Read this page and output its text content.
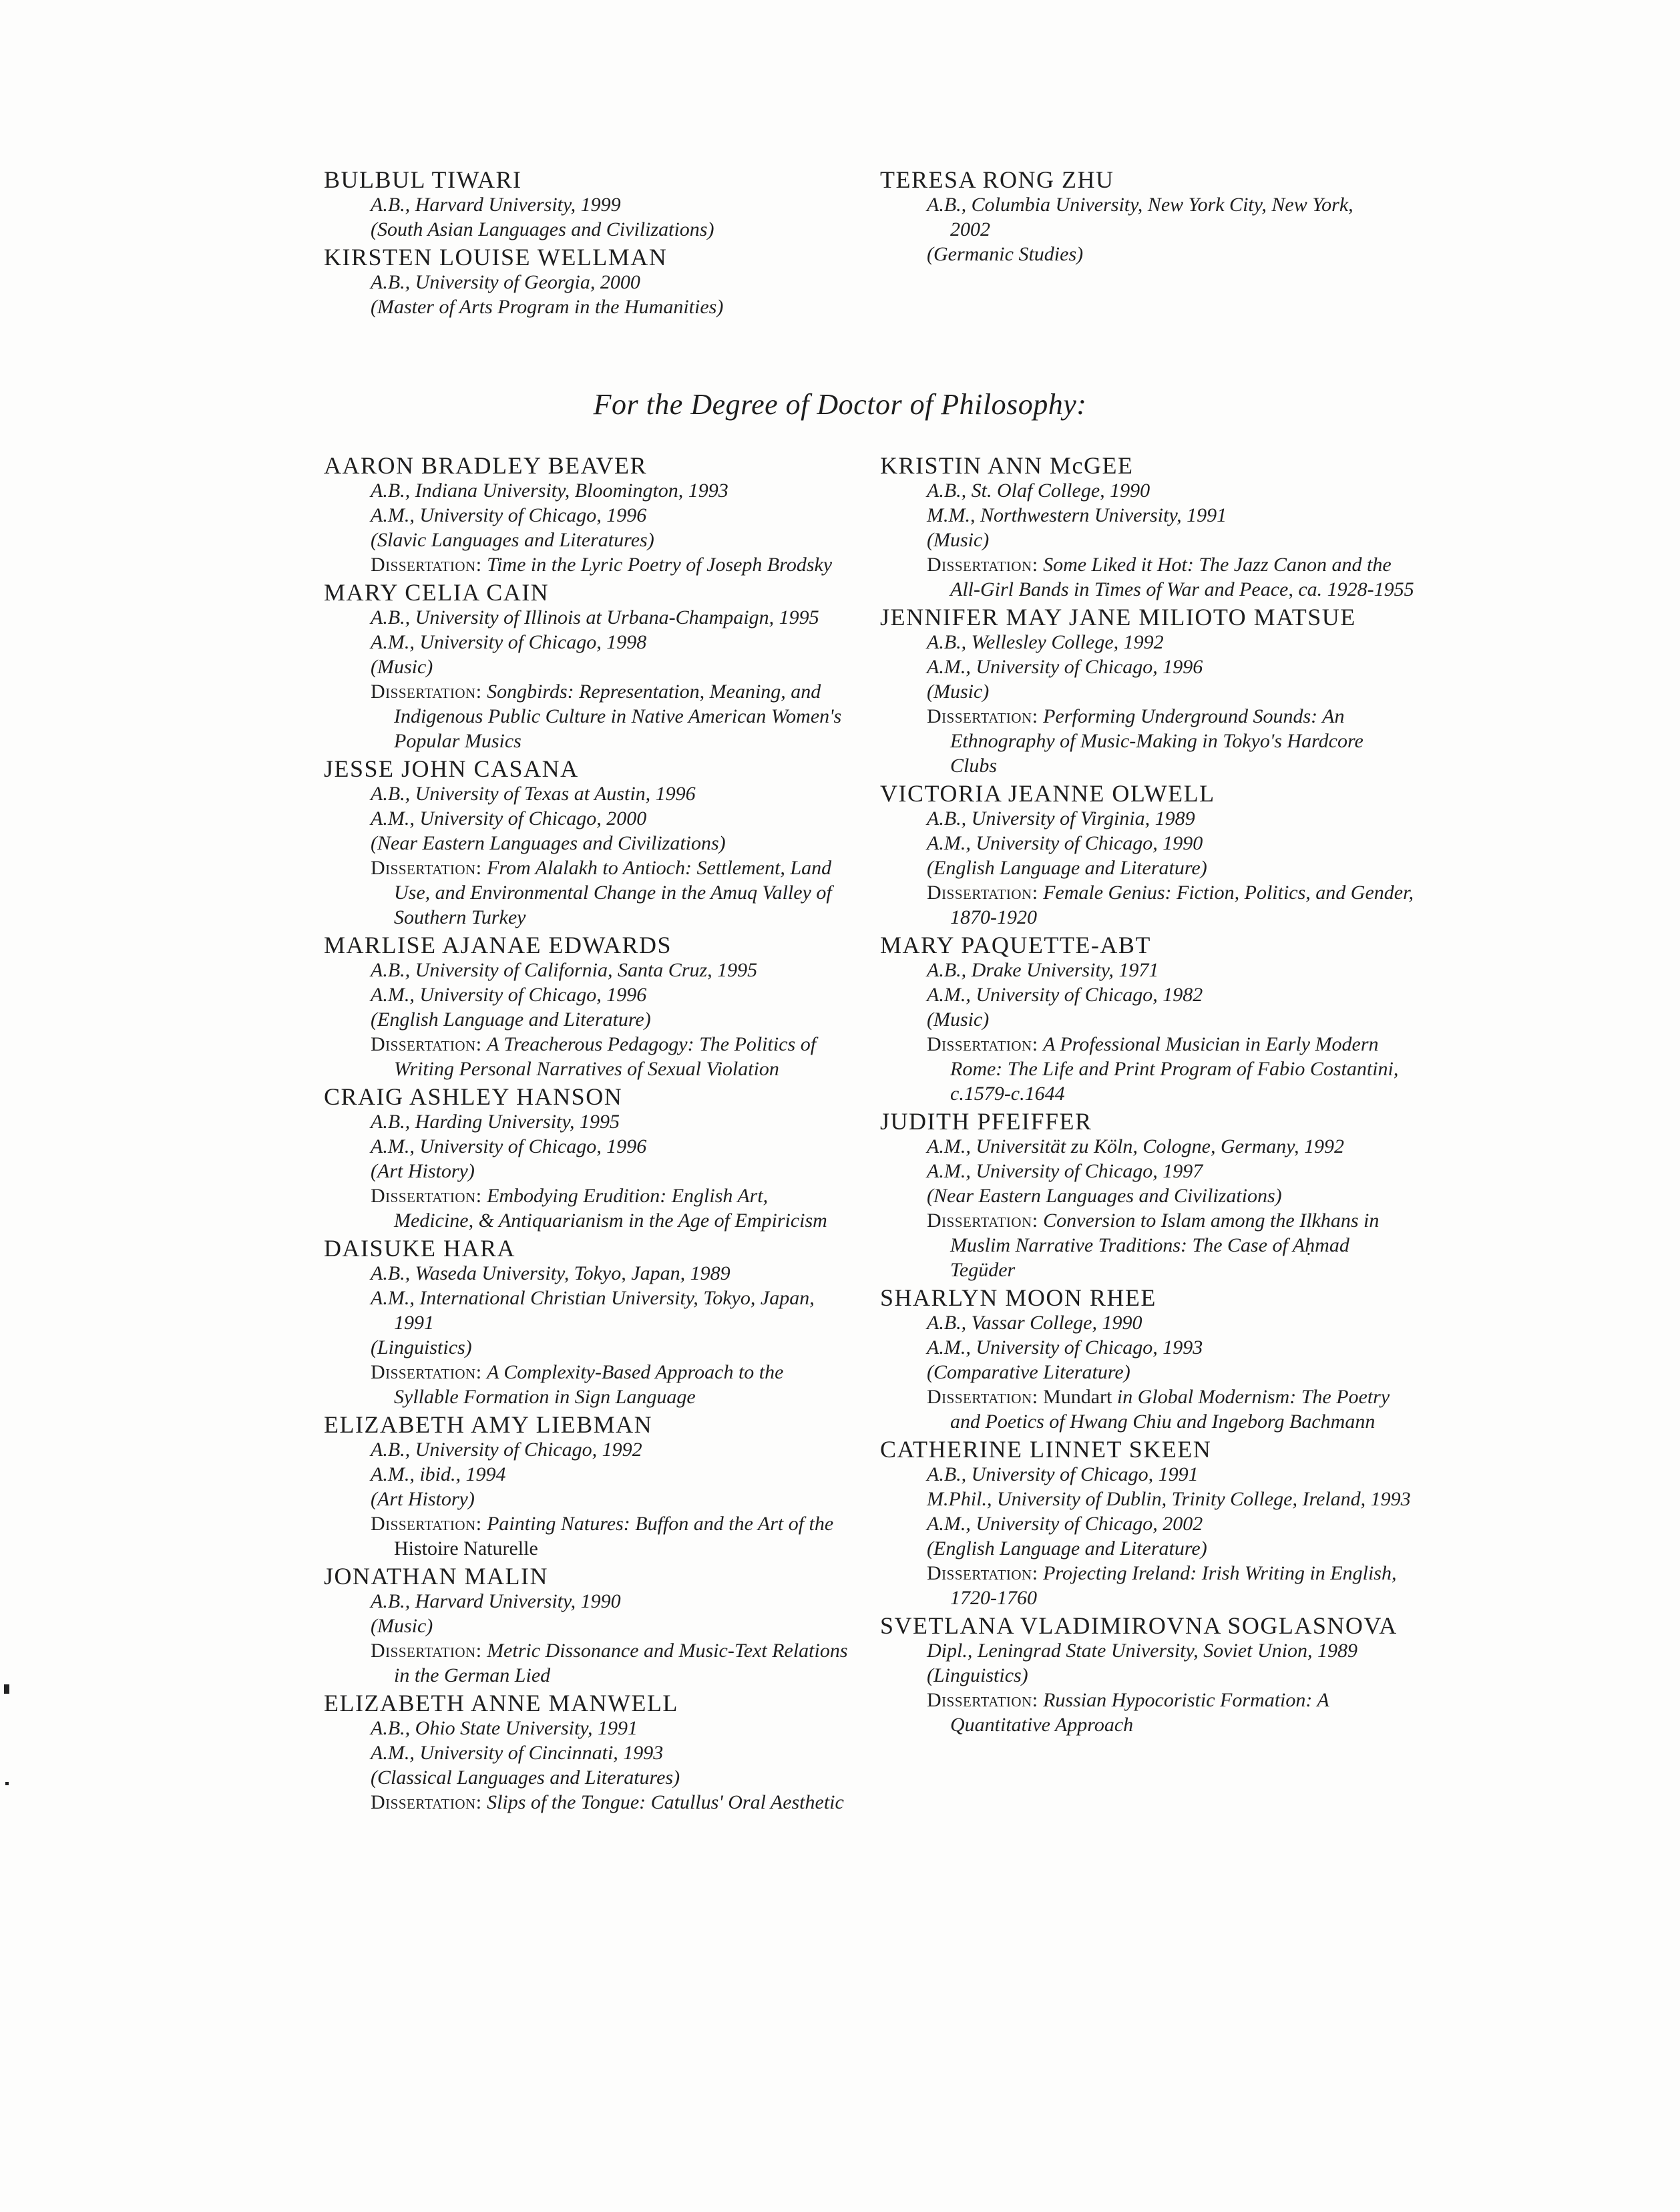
BULBUL TIWARI
A.B., Harvard University, 1999
(South Asian Languages and Civilizations)
KIRSTEN LOUISE WELLMAN
A.B., University of Georgia, 2000
(Master of Arts Program in the Humanities)
TERESA RONG ZHU
A.B., Columbia University, New York City, New York, 2002
(Germanic Studies)
For the Degree of Doctor of Philosophy:
AARON BRADLEY BEAVER
A.B., Indiana University, Bloomington, 1993
A.M., University of Chicago, 1996
(Slavic Languages and Literatures)
Dissertation: Time in the Lyric Poetry of Joseph Brodsky
MARY CELIA CAIN
A.B., University of Illinois at Urbana-Champaign, 1995
A.M., University of Chicago, 1998
(Music)
Dissertation: Songbirds: Representation, Meaning, and Indigenous Public Culture in Native American Women's Popular Musics
JESSE JOHN CASANA
A.B., University of Texas at Austin, 1996
A.M., University of Chicago, 2000
(Near Eastern Languages and Civilizations)
Dissertation: From Alalakh to Antioch: Settlement, Land Use, and Environmental Change in the Amuq Valley of Southern Turkey
MARLISE AJANAE EDWARDS
A.B., University of California, Santa Cruz, 1995
A.M., University of Chicago, 1996
(English Language and Literature)
Dissertation: A Treacherous Pedagogy: The Politics of Writing Personal Narratives of Sexual Violation
CRAIG ASHLEY HANSON
A.B., Harding University, 1995
A.M., University of Chicago, 1996
(Art History)
Dissertation: Embodying Erudition: English Art, Medicine, & Antiquarianism in the Age of Empiricism
DAISUKE HARA
A.B., Waseda University, Tokyo, Japan, 1989
A.M., International Christian University, Tokyo, Japan, 1991
(Linguistics)
Dissertation: A Complexity-Based Approach to the Syllable Formation in Sign Language
ELIZABETH AMY LIEBMAN
A.B., University of Chicago, 1992
A.M., ibid., 1994
(Art History)
Dissertation: Painting Natures: Buffon and the Art of the Histoire Naturelle
JONATHAN MALIN
A.B., Harvard University, 1990
(Music)
Dissertation: Metric Dissonance and Music-Text Relations in the German Lied
ELIZABETH ANNE MANWELL
A.B., Ohio State University, 1991
A.M., University of Cincinnati, 1993
(Classical Languages and Literatures)
Dissertation: Slips of the Tongue: Catullus' Oral Aesthetic
KRISTIN ANN McGEE
A.B., St. Olaf College, 1990
M.M., Northwestern University, 1991
(Music)
Dissertation: Some Liked it Hot: The Jazz Canon and the All-Girl Bands in Times of War and Peace, ca. 1928-1955
JENNIFER MAY JANE MILIOTO MATSUE
A.B., Wellesley College, 1992
A.M., University of Chicago, 1996
(Music)
Dissertation: Performing Underground Sounds: An Ethnography of Music-Making in Tokyo's Hardcore Clubs
VICTORIA JEANNE OLWELL
A.B., University of Virginia, 1989
A.M., University of Chicago, 1990
(English Language and Literature)
Dissertation: Female Genius: Fiction, Politics, and Gender, 1870-1920
MARY PAQUETTE-ABT
A.B., Drake University, 1971
A.M., University of Chicago, 1982
(Music)
Dissertation: A Professional Musician in Early Modern Rome: The Life and Print Program of Fabio Costantini, c.1579-c.1644
JUDITH PFEIFFER
A.M., Universität zu Köln, Cologne, Germany, 1992
A.M., University of Chicago, 1997
(Near Eastern Languages and Civilizations)
Dissertation: Conversion to Islam among the Ilkhans in Muslim Narrative Traditions: The Case of Aḥmad Tegüder
SHARLYN MOON RHEE
A.B., Vassar College, 1990
A.M., University of Chicago, 1993
(Comparative Literature)
Dissertation: Mundart in Global Modernism: The Poetry and Poetics of Hwang Chiu and Ingeborg Bachmann
CATHERINE LINNET SKEEN
A.B., University of Chicago, 1991
M.Phil., University of Dublin, Trinity College, Ireland, 1993
A.M., University of Chicago, 2002
(English Language and Literature)
Dissertation: Projecting Ireland: Irish Writing in English, 1720-1760
SVETLANA VLADIMIROVNA SOGLASNOVA
Dipl., Leningrad State University, Soviet Union, 1989
(Linguistics)
Dissertation: Russian Hypocoristic Formation: A Quantitative Approach
